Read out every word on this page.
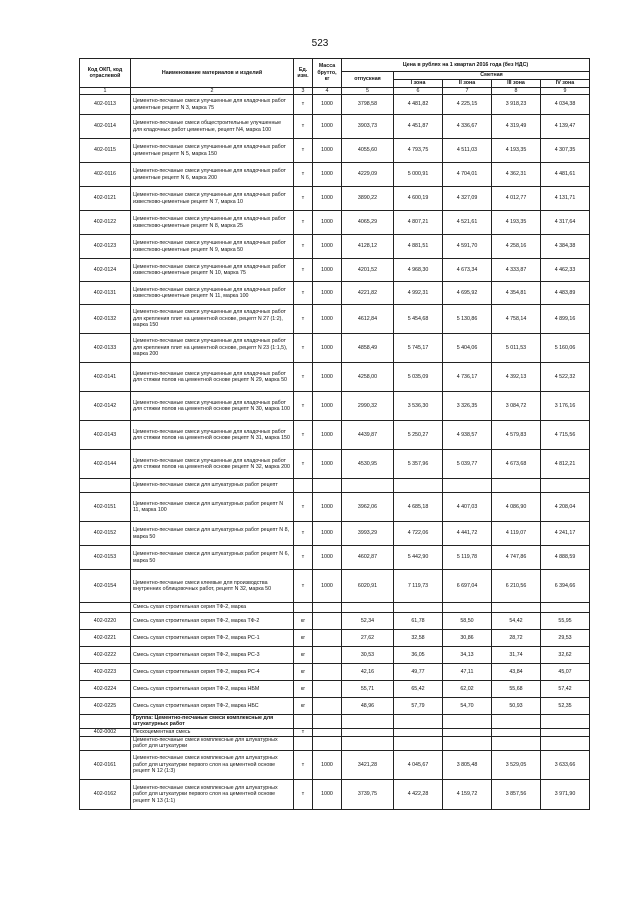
523
Код ОКП, код отраслевой	Наименование материалов и изделий	Ед. изм.	Масса брутто, кг	Цена в рублях на 1 квартал 2016 года (без НДС)				
				отпускная	Сметная			
					I зона	II зона	III зона	IV зона
1	2	3	4	5	6	7	8	9
402-0113	Цементно-песчаные смеси улучшенные для кладочных работ цементные рецепт N 3, марка 75	т	1000	3798,58	4 481,82	4 225,15	3 918,23	4 034,38
402-0114	Цементно-песчаные смеси общестроительные улучшенные для кладочных работ цементные, рецепт N4, марка 100	т	1000	3903,73	4 451,87	4 336,67	4 319,49	4 139,47
402-0115	Цементно-песчаные смеси улучшенные для кладочных работ цементные рецепт N 5, марка 150	т	1000	4055,60	4 793,75	4 511,03	4 193,35	4 307,35
402-0116	Цементно-песчаные смеси улучшенные для кладочных работ цементные рецепт N 6, марка 200	т	1000	4229,09	5 000,91	4 704,01	4 362,31	4 481,61
402-0121	Цементно-песчаные смеси улучшенные для кладочных работ известково-цементные рецепт N 7, марка 10	т	1000	3890,22	4 600,19	4 327,09	4 012,77	4 131,71
402-0122	Цементно-песчаные смеси улучшенные для кладочных работ известково-цементные рецепт N 8, марка 25	т	1000	4065,29	4 807,21	4 521,61	4 193,35	4 317,64
402-0123	Цементно-песчаные смеси улучшенные для кладочных работ известково-цементные рецепт N 9, марка 50	т	1000	4128,12	4 881,51	4 591,70	4 258,16	4 384,38
402-0124	Цементно-песчаные смеси улучшенные для кладочных работ известково-цементные рецепт N 10, марка 75	т	1000	4201,52	4 968,30	4 673,34	4 333,87	4 462,33
402-0131	Цементно-песчаные смеси улучшенные для кладочных работ известково-цементные рецепт N 11, марка 100	т	1000	4221,82	4 992,31	4 695,92	4 354,81	4 483,89
402-0132	Цементно-песчаные смеси улучшенные для кладочных работ для крепления плит на цементной основе, рецепт N 27 (1:2), марка 150	т	1000	4612,84	5 454,68	5 130,86	4 758,14	4 899,16
402-0133	Цементно-песчаные смеси улучшенные для кладочных работ для крепления плит на цементной основе, рецепт N 23 (1:1,5), марка 200	т	1000	4858,49	5 745,17	5 404,06	5 011,53	5 160,06
402-0141	Цементно-песчаные смеси улучшенные для кладочных работ для стяжки полов на цементной основе рецепт N 29, марка 50	т	1000	4258,00	5 035,09	4 736,17	4 392,13	4 522,32
402-0142	Цементно-песчаные смеси улучшенные для кладочных работ для стяжки полов на цементной основе рецепт N 30, марка 100	т	1000	2990,32	3 536,30	3 326,35	3 084,72	3 176,16
402-0143	Цементно-песчаные смеси улучшенные для кладочных работ для стяжки полов на цементной основе рецепт N 31, марка 150	т	1000	4439,87	5 250,27	4 938,57	4 579,83	4 715,56
402-0144	Цементно-песчаные смеси улучшенные для кладочных работ для стяжки полов на цементной основе рецепт N 32, марка 200	т	1000	4530,95	5 357,96	5 039,77	4 673,68	4 812,21
	Цементно-песчаные смеси для штукатурных работ рецепт							
402-0151	Цементно-песчаные смеси для штукатурных работ рецепт N 11, марка 100	т	1000	3962,06	4 685,18	4 407,03	4 086,90	4 208,04
402-0152	Цементно-песчаные смеси для штукатурных работ рецепт N 8, марка 50	т	1000	3993,29	4 722,06	4 441,72	4 119,07	4 241,17
402-0153	Цементно-песчаные смеси для штукатурных работ рецепт N 6, марка 50	т	1000	4602,87	5 442,90	5 119,78	4 747,86	4 888,59
402-0154	Цементно-песчаные смеси клеевые для производства внутренних облицовочных работ, рецепт N 32, марка 50	т	1000	6020,91	7 119,73	6 697,04	6 210,56	6 394,66
	Смесь сухая строительная серия ТФ-2, марка							
402-0220	Смесь сухая строительная серия ТФ-2, марка ТФ-2	кг		52,34	61,78	58,50	54,42	55,95
402-0221	Смесь сухая строительная серия ТФ-2, марка РС-1	кг		27,62	32,58	30,86	28,72	29,53
402-0222	Смесь сухая строительная серия ТФ-2, марка РС-3	кг		30,53	36,05	34,13	31,74	32,62
402-0223	Смесь сухая строительная серия ТФ-2, марка РС-4	кг		42,16	49,77	47,11	43,84	45,07
402-0224	Смесь сухая строительная серия ТФ-2, марка НБМ	кг		55,71	65,42	62,02	55,68	57,42
402-0225	Смесь сухая строительная серия ТФ-2, марка НБС	кг		48,96	57,79	54,70	50,93	52,35
	Группа: Цементно-песчаные смеси комплексные для штукатурных работ							
402-0002	Пескоцементная смесь	т						
	Цементно-песчаные смеси комплексные для штукатурных работ для штукатурки							
402-0161	Цементно-песчаные смеси комплексные для штукатурных работ для штукатурки первого слоя на цементной основе рецепт N 12 (1:3)	т	1000	3421,28	4 045,67	3 805,48	3 529,05	3 633,66
402-0162	Цементно-песчаные смеси комплексные для штукатурных работ для штукатурки первого слоя на цементной основе рецепт N 13 (1:1)	т	1000	3739,75	4 422,28	4 159,72	3 857,56	3 971,90
